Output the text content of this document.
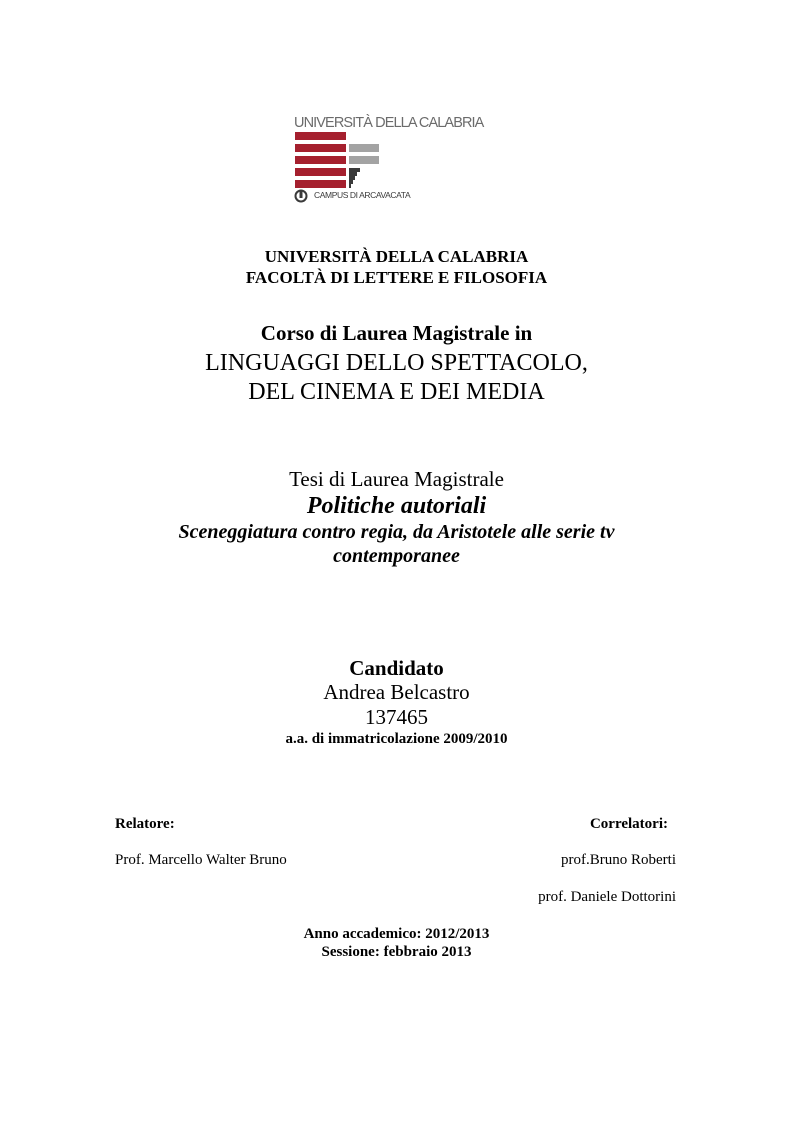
UNIVERSITÀ DELLA CALABRIA
CAMPUS DI ARCAVACATA
UNIVERSITÀ DELLA CALABRIA
FACOLTÀ DI LETTERE E FILOSOFIA
Corso di Laurea Magistrale in
LINGUAGGI DELLO SPETTACOLO,
DEL CINEMA E DEI MEDIA
Tesi di Laurea Magistrale
Politiche autoriali
Sceneggiatura contro regia, da Aristotele alle serie tv
contemporanee
Candidato
Andrea Belcastro
137465
a.a. di immatricolazione 2009/2010
Relatore:	Correlatori:
Prof. Marcello Walter Bruno	prof.Bruno Roberti
prof. Daniele Dottorini
Anno accademico: 2012/2013
Sessione: febbraio 2013
